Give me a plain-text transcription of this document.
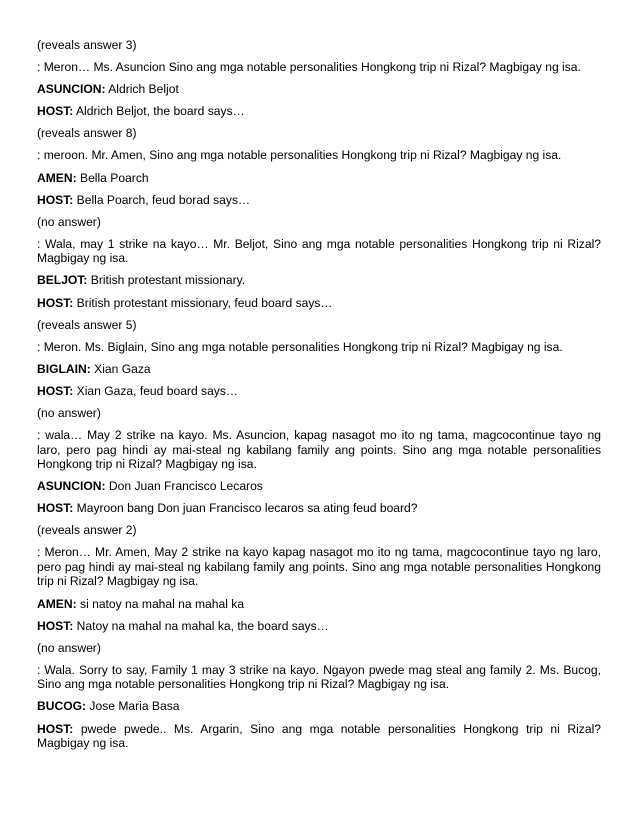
(reveals answer 3)

: Meron… Ms. Asuncion Sino ang mga notable personalities Hongkong trip ni Rizal? Magbigay ng isa.

ASUNCION: Aldrich Beljot

HOST: Aldrich Beljot, the board says…

(reveals answer 8)

: meroon. Mr. Amen, Sino ang mga notable personalities Hongkong trip ni Rizal? Magbigay ng isa.

AMEN: Bella Poarch

HOST: Bella Poarch, feud borad says…

(no answer)

: Wala, may 1 strike na kayo… Mr. Beljot, Sino ang mga notable personalities Hongkong trip ni Rizal? Magbigay ng isa.

BELJOT: British protestant missionary.

HOST: British protestant missionary, feud board says…

(reveals answer 5)

: Meron. Ms. Biglain, Sino ang mga notable personalities Hongkong trip ni Rizal? Magbigay ng isa.

BIGLAIN: Xian Gaza

HOST: Xian Gaza, feud board says…

(no answer)

: wala… May 2 strike na kayo. Ms. Asuncion, kapag nasagot mo ito ng tama, magcocontinue tayo ng laro, pero pag hindi ay mai-steal ng kabilang family ang points. Sino ang mga notable personalities Hongkong trip ni Rizal? Magbigay ng isa.

ASUNCION: Don Juan Francisco Lecaros

HOST: Mayroon bang Don juan Francisco lecaros sa ating feud board?

(reveals answer 2)

: Meron… Mr. Amen, May 2 strike na kayo kapag nasagot mo ito ng tama, magcocontinue tayo ng laro, pero pag hindi ay mai-steal ng kabilang family ang points. Sino ang mga notable personalities Hongkong trip ni Rizal? Magbigay ng isa.

AMEN: si natoy na mahal na mahal ka

HOST: Natoy na mahal na mahal ka, the board says…

(no answer)

: Wala. Sorry to say, Family 1 may 3 strike na kayo. Ngayon pwede mag steal ang family 2. Ms. Bucog, Sino ang mga notable personalities Hongkong trip ni Rizal? Magbigay ng isa.

BUCOG: Jose Maria Basa

HOST: pwede pwede.. Ms. Argarin, Sino ang mga notable personalities Hongkong trip ni Rizal? Magbigay ng isa.
